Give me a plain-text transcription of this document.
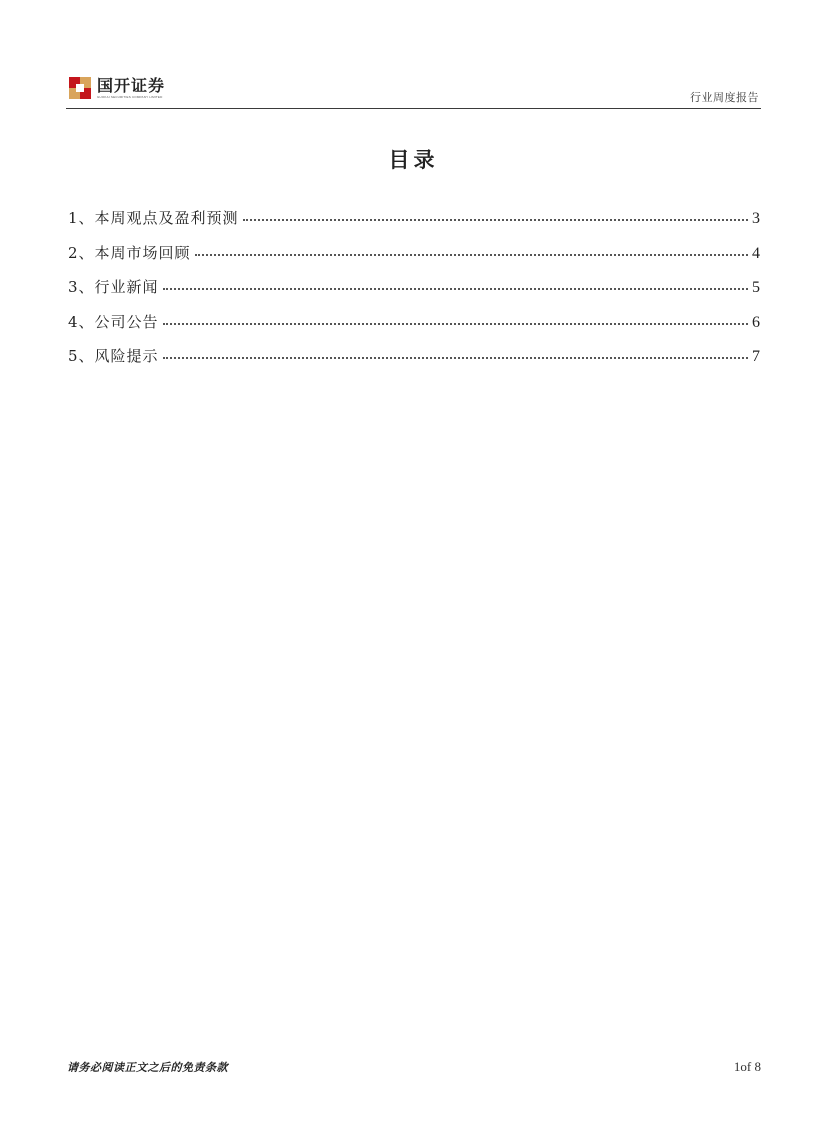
国开证券
GUOKAI SECURITIES COMPANY LIMITED	行业周度报告
目录
1、本周观点及盈利预测	3
2、本周市场回顾	4
3、行业新闻	5
4、公司公告	6
5、风险提示	7
请务必阅读正文之后的免责条款	1of 8
